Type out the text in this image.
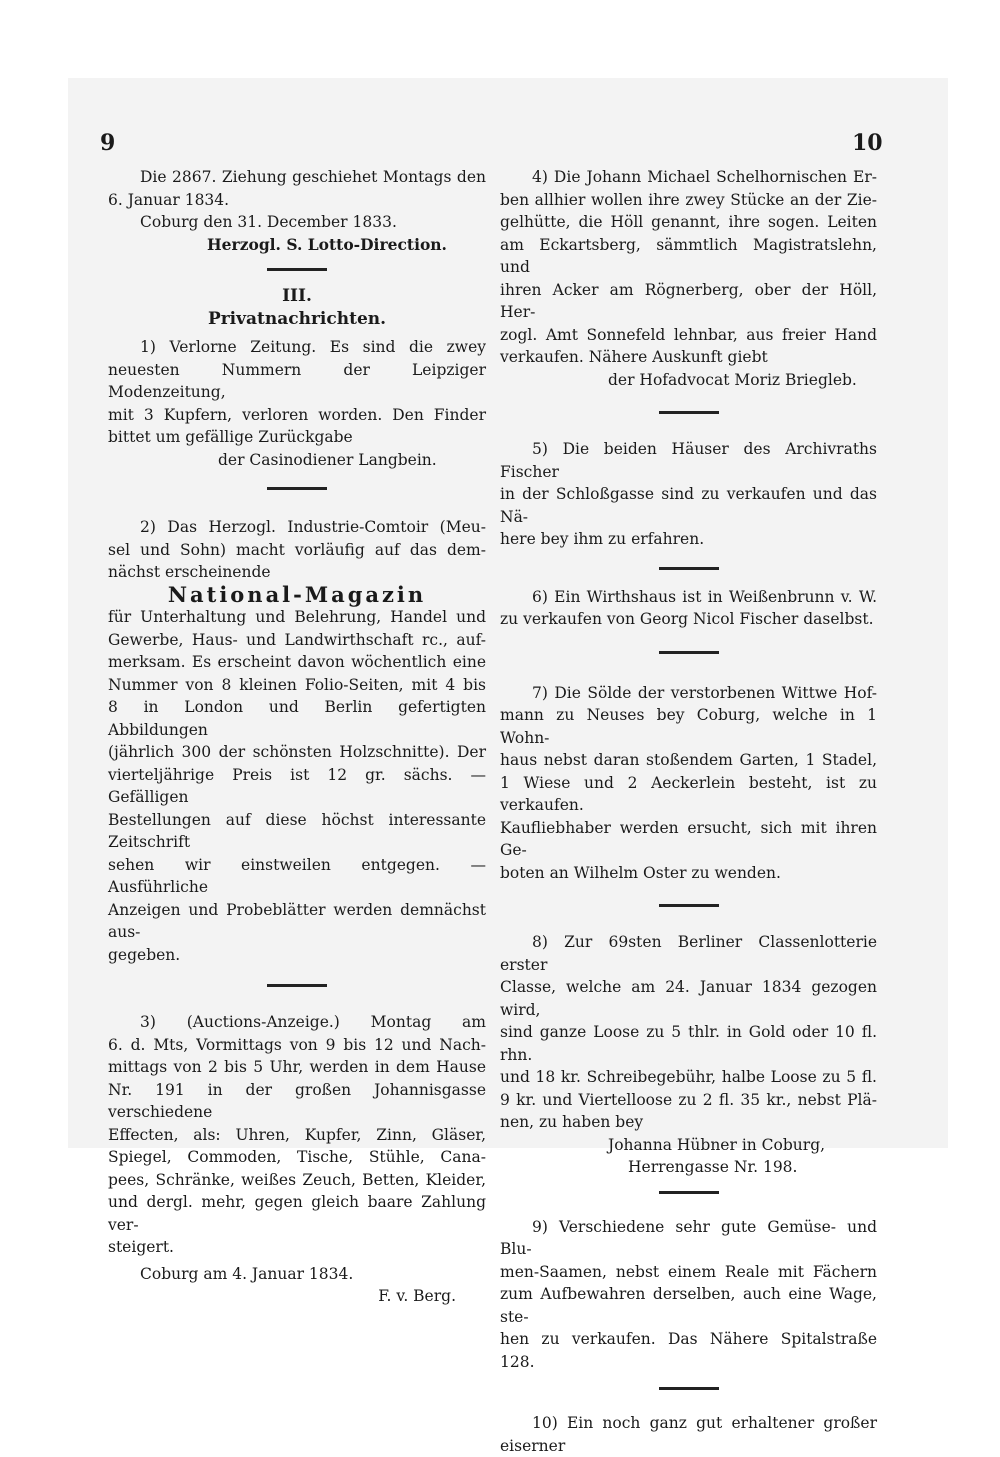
9	10

Die 2867. Ziehung geschiehet Montags den

6. Januar 1834.

Coburg den 31. December 1833.

Herzogl. S. Lotto-Direction.

III.

Privatnachrichten.

1) Verlorne Zeitung. Es sind die zwey

neuesten Nummern der Leipziger Modenzeitung,

mit 3 Kupfern, verloren worden. Den Finder

bittet um gefällige Zurückgabe

der Casinodiener Langbein.

2) Das Herzogl. Industrie-Comtoir (Meu-

sel und Sohn) macht vorläufig auf das dem-

nächst erscheinende

National-Magazin

für Unterhaltung und Belehrung, Handel und

Gewerbe, Haus- und Landwirthschaft rc., auf-

merksam. Es erscheint davon wöchentlich eine

Nummer von 8 kleinen Folio-Seiten, mit 4 bis

8 in London und Berlin gefertigten Abbildungen

(jährlich 300 der schönsten Holzschnitte). Der

vierteljährige Preis ist 12 gr. sächs. — Gefälligen

Bestellungen auf diese höchst interessante Zeitschrift

sehen wir einstweilen entgegen. — Ausführliche

Anzeigen und Probeblätter werden demnächst aus-

gegeben.

3) (Auctions-Anzeige.) Montag am

6. d. Mts, Vormittags von 9 bis 12 und Nach-

mittags von 2 bis 5 Uhr, werden in dem Hause

Nr. 191 in der großen Johannisgasse verschiedene

Effecten, als: Uhren, Kupfer, Zinn, Gläser,

Spiegel, Commoden, Tische, Stühle, Cana-

pees, Schränke, weißes Zeuch, Betten, Kleider,

und dergl. mehr, gegen gleich baare Zahlung ver-

steigert.

Coburg am 4. Januar 1834.

F. v. Berg.

4) Die Johann Michael Schelhornischen Er-

ben allhier wollen ihre zwey Stücke an der Zie-

gelhütte, die Höll genannt, ihre sogen. Leiten

am Eckartsberg, sämmtlich Magistratslehn, und

ihren Acker am Rögnerberg, ober der Höll, Her-

zogl. Amt Sonnefeld lehnbar, aus freier Hand

verkaufen. Nähere Auskunft giebt

der Hofadvocat Moriz Briegleb.

5) Die beiden Häuser des Archivraths Fischer

in der Schloßgasse sind zu verkaufen und das Nä-

here bey ihm zu erfahren.

6) Ein Wirthshaus ist in Weißenbrunn v. W.

zu verkaufen von Georg Nicol Fischer daselbst.

7) Die Sölde der verstorbenen Wittwe Hof-

mann zu Neuses bey Coburg, welche in 1 Wohn-

haus nebst daran stoßendem Garten, 1 Stadel,

1 Wiese und 2 Aeckerlein besteht, ist zu verkaufen.

Kaufliebhaber werden ersucht, sich mit ihren Ge-

boten an Wilhelm Oster zu wenden.

8) Zur 69sten Berliner Classenlotterie erster

Classe, welche am 24. Januar 1834 gezogen wird,

sind ganze Loose zu 5 thlr. in Gold oder 10 fl. rhn.

und 18 kr. Schreibegebühr, halbe Loose zu 5 fl.

9 kr. und Viertelloose zu 2 fl. 35 kr., nebst Plä-

nen, zu haben bey

Johanna Hübner in Coburg,

Herrengasse Nr. 198.

9) Verschiedene sehr gute Gemüse- und Blu-

men-Saamen, nebst einem Reale mit Fächern

zum Aufbewahren derselben, auch eine Wage, ste-

hen zu verkaufen. Das Nähere Spitalstraße 128.

10) Ein noch ganz gut erhaltener großer eiserner
